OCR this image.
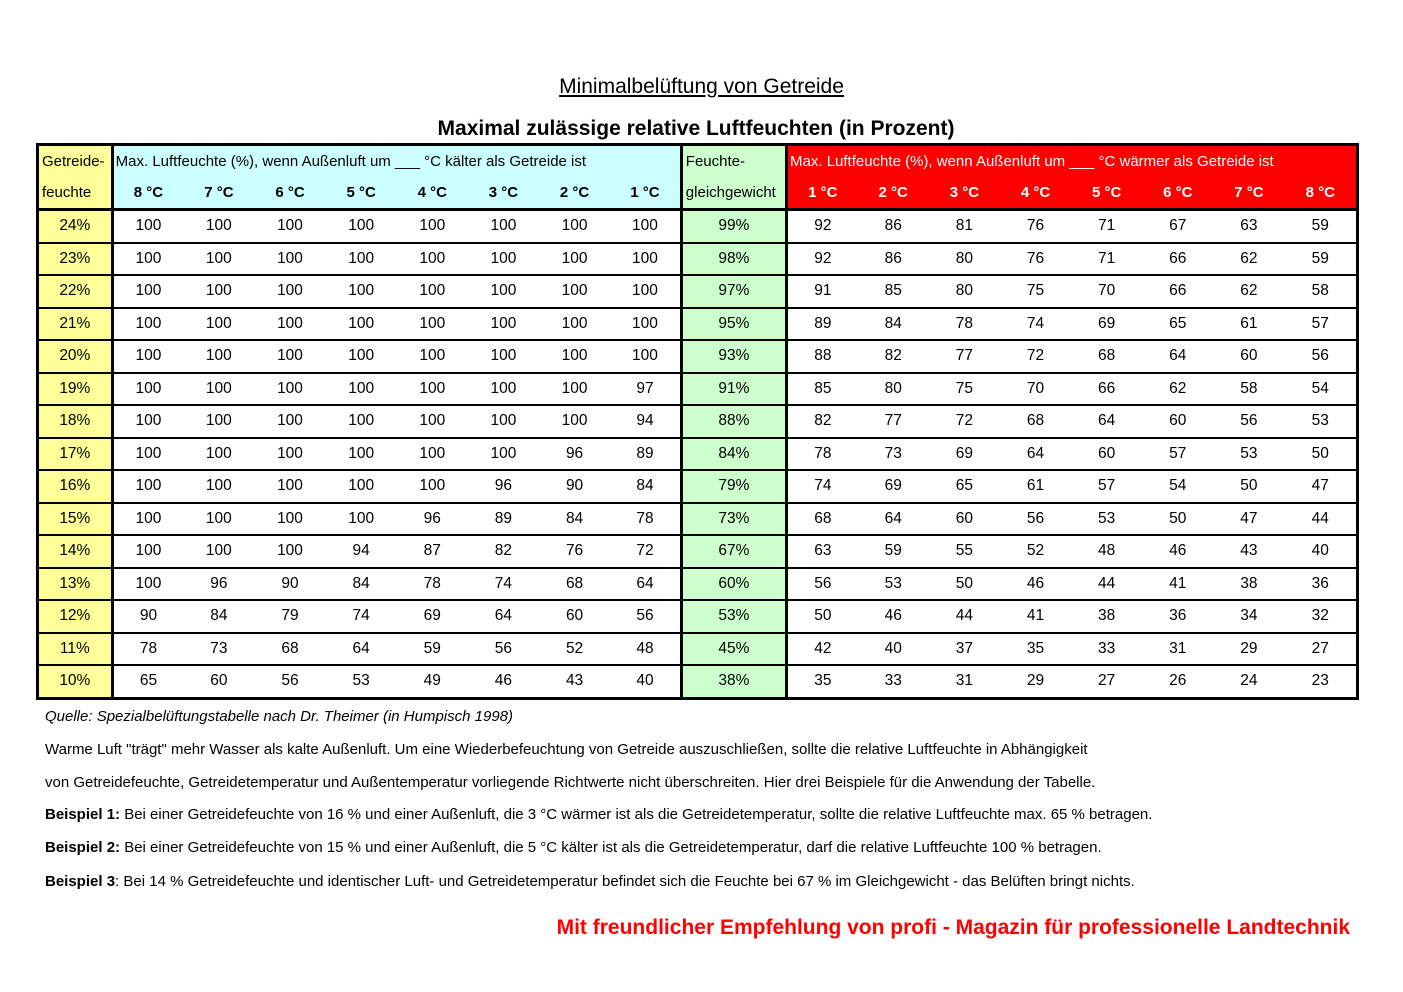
Minimalbelüftung von Getreide
Maximal zulässige relative Luftfeuchten (in Prozent)
Getreide-	Max. Luftfeuchte (%), wenn Außenluft um ___ °C kälter als Getreide ist								Feuchte-	Max. Luftfeuchte (%), wenn Außenluft um ___ °C wärmer als Getreide ist							
feuchte	8 °C	7 °C	6 °C	5 °C	4 °C	3 °C	2 °C	1 °C	gleichgewicht	1 °C	2 °C	3 °C	4 °C	5 °C	6 °C	7 °C	8 °C
24%	100	100	100	100	100	100	100	100	99%	92	86	81	76	71	67	63	59
23%	100	100	100	100	100	100	100	100	98%	92	86	80	76	71	66	62	59
22%	100	100	100	100	100	100	100	100	97%	91	85	80	75	70	66	62	58
21%	100	100	100	100	100	100	100	100	95%	89	84	78	74	69	65	61	57
20%	100	100	100	100	100	100	100	100	93%	88	82	77	72	68	64	60	56
19%	100	100	100	100	100	100	100	97	91%	85	80	75	70	66	62	58	54
18%	100	100	100	100	100	100	100	94	88%	82	77	72	68	64	60	56	53
17%	100	100	100	100	100	100	96	89	84%	78	73	69	64	60	57	53	50
16%	100	100	100	100	100	96	90	84	79%	74	69	65	61	57	54	50	47
15%	100	100	100	100	96	89	84	78	73%	68	64	60	56	53	50	47	44
14%	100	100	100	94	87	82	76	72	67%	63	59	55	52	48	46	43	40
13%	100	96	90	84	78	74	68	64	60%	56	53	50	46	44	41	38	36
12%	90	84	79	74	69	64	60	56	53%	50	46	44	41	38	36	34	32
11%	78	73	68	64	59	56	52	48	45%	42	40	37	35	33	31	29	27
10%	65	60	56	53	49	46	43	40	38%	35	33	31	29	27	26	24	23
Quelle: Spezialbelüftungstabelle nach Dr. Theimer (in Humpisch 1998)
Warme Luft "trägt" mehr Wasser als kalte Außenluft. Um eine Wiederbefeuchtung von Getreide auszuschließen, sollte die relative Luftfeuchte in Abhängigkeit
von Getreidefeuchte, Getreidetemperatur und Außentemperatur vorliegende Richtwerte nicht überschreiten. Hier drei Beispiele für die Anwendung der Tabelle.
Beispiel 1: Bei einer Getreidefeuchte von 16 % und einer Außenluft, die 3 °C wärmer ist als die Getreidetemperatur, sollte die relative Luftfeuchte max. 65 % betragen.
Beispiel 2: Bei einer Getreidefeuchte von 15 % und einer Außenluft, die 5 °C kälter ist als die Getreidetemperatur, darf die relative Luftfeuchte 100 % betragen.
Beispiel 3: Bei 14 % Getreidefeuchte und identischer Luft- und Getreidetemperatur befindet sich die Feuchte bei 67 % im Gleichgewicht - das Belüften bringt nichts.
Mit freundlicher Empfehlung von profi - Magazin für professionelle Landtechnik
